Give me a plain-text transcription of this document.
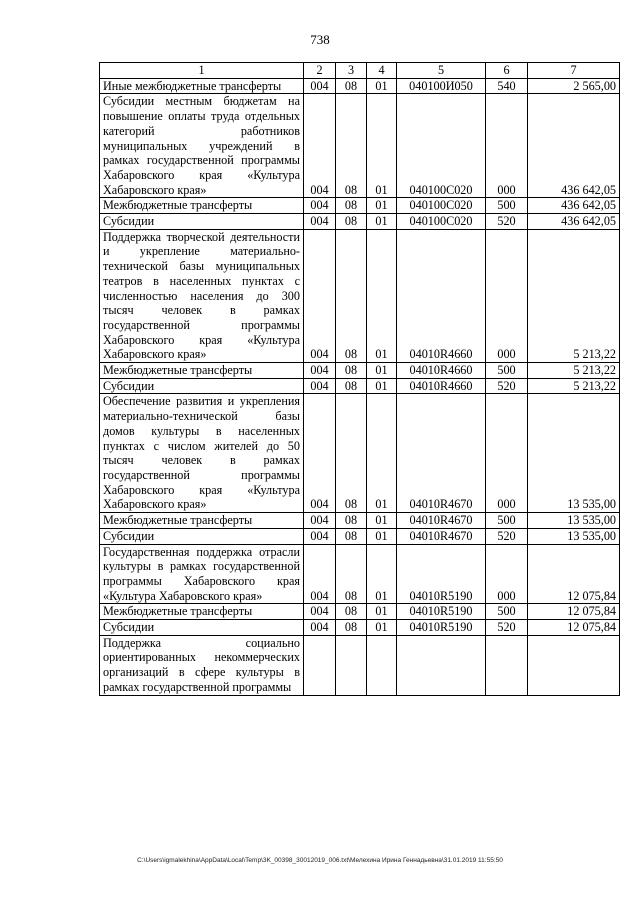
738
1	2	3	4	5	6	7
Иные межбюджетные трансферты	004	08	01	040100И050	540	2 565,00
Субсидии местным бюджетам на повышение оплаты труда отдельных категорий работников муниципальных учреждений в рамках государственной программы Хабаровского края «Культура Хабаровского края»	004	08	01	040100С020	000	436 642,05
Межбюджетные трансферты	004	08	01	040100С020	500	436 642,05
Субсидии	004	08	01	040100С020	520	436 642,05
Поддержка творческой деятельности и укрепление материально-технической базы муниципальных театров в населенных пунктах с численностью населения до 300 тысяч человек в рамках государственной программы Хабаровского края «Культура Хабаровского края»	004	08	01	04010R4660	000	5 213,22
Межбюджетные трансферты	004	08	01	04010R4660	500	5 213,22
Субсидии	004	08	01	04010R4660	520	5 213,22
Обеспечение развития и укрепления материально-технической базы домов культуры в населенных пунктах с числом жителей до 50 тысяч человек в рамках государственной программы Хабаровского края «Культура Хабаровского края»	004	08	01	04010R4670	000	13 535,00
Межбюджетные трансферты	004	08	01	04010R4670	500	13 535,00
Субсидии	004	08	01	04010R4670	520	13 535,00
Государственная поддержка отрасли культуры в рамках государственной программы Хабаровского края «Культура Хабаровского края»	004	08	01	04010R5190	000	12 075,84
Межбюджетные трансферты	004	08	01	04010R5190	500	12 075,84
Субсидии	004	08	01	04010R5190	520	12 075,84
Поддержка социально ориентированных некоммерческих организаций в сфере культуры в рамках государственной программы						
C:\Users\igmalekhina\AppData\Local\Temp\3K_00398_30012019_006.txt\Мелехина Ирина Геннадьевна\31.01.2019 11:55:50
